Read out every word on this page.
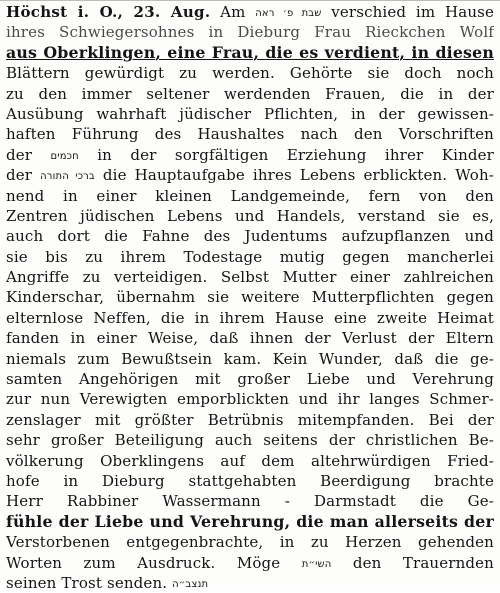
Höchst i. O., 23. Aug. Am שבת פ׳ ראה verschied im Hause
ihres Schwiegersohnes in Dieburg Frau Rieckchen Wolf
aus Oberklingen, eine Frau, die es verdient, in diesen
Blättern gewürdigt zu werden. Gehörte sie doch noch
zu den immer seltener werdenden Frauen, die in der
Ausübung wahrhaft jüdischer Pflichten, in der gewissen-
haften Führung des Haushaltes nach den Vorschriften
der חכמים in der sorgfältigen Erziehung ihrer Kinder
der ברכי התורה die Hauptaufgabe ihres Lebens erblickten. Woh-
nend in einer kleinen Landgemeinde, fern von den
Zentren jüdischen Lebens und Handels, verstand sie es,
auch dort die Fahne des Judentums aufzupflanzen und
sie bis zu ihrem Todestage mutig gegen mancherlei
Angriffe zu verteidigen. Selbst Mutter einer zahlreichen
Kinderschar, übernahm sie weitere Mutterpflichten gegen
elternlose Neffen, die in ihrem Hause eine zweite Heimat
fanden in einer Weise, daß ihnen der Verlust der Eltern
niemals zum Bewußtsein kam. Kein Wunder, daß die ge-
samten Angehörigen mit großer Liebe und Verehrung
zur nun Verewigten emporblickten und ihr langes Schmer-
zenslager mit größter Betrübnis mitempfanden. Bei der
sehr großer Beteiligung auch seitens der christlichen Be-
völkerung Oberklingens auf dem altehrwürdigen Fried-
hofe in Dieburg stattgehabten Beerdigung brachte
Herr Rabbiner Wassermann - Darmstadt die Ge-
fühle der Liebe und Verehrung, die man allerseits der
Verstorbenen entgegenbrachte, in zu Herzen gehenden
Worten zum Ausdruck. Möge השי״ת den Trauernden
seinen Trost senden. תנצב״ה
